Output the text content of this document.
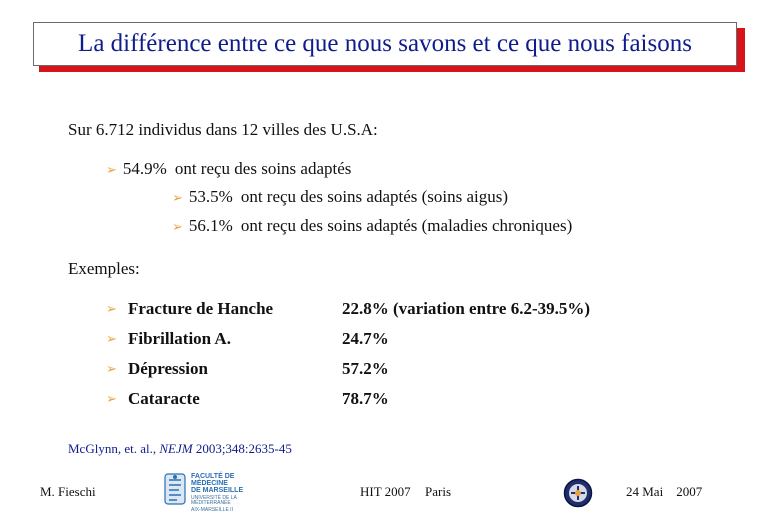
La différence entre ce que nous savons et ce que nous faisons
Sur 6.712 individus dans 12 villes des U.S.A:
➢ 54.9% ont reçu des soins adaptés
➢ 53.5% ont reçu des soins adaptés (soins aigus)
➢ 56.1% ont reçu des soins adaptés (maladies chroniques)
Exemples:
➢ Fracture de Hanche	22.8% (variation entre 6.2-39.5%)
➢ Fibrillation A.	24.7%
➢ Dépression	57.2%
➢ Cataracte	78.7%
McGlynn, et. al., NEJM 2003;348:2635-45
M. Fieschi
FACULTÉ DE MÉDECINE
DE MARSEILLE
UNIVERSITÉ DE LA MÉDITERRANÉE
AIX-MARSEILLE II
HIT 2007 Paris	24 Mai    2007
